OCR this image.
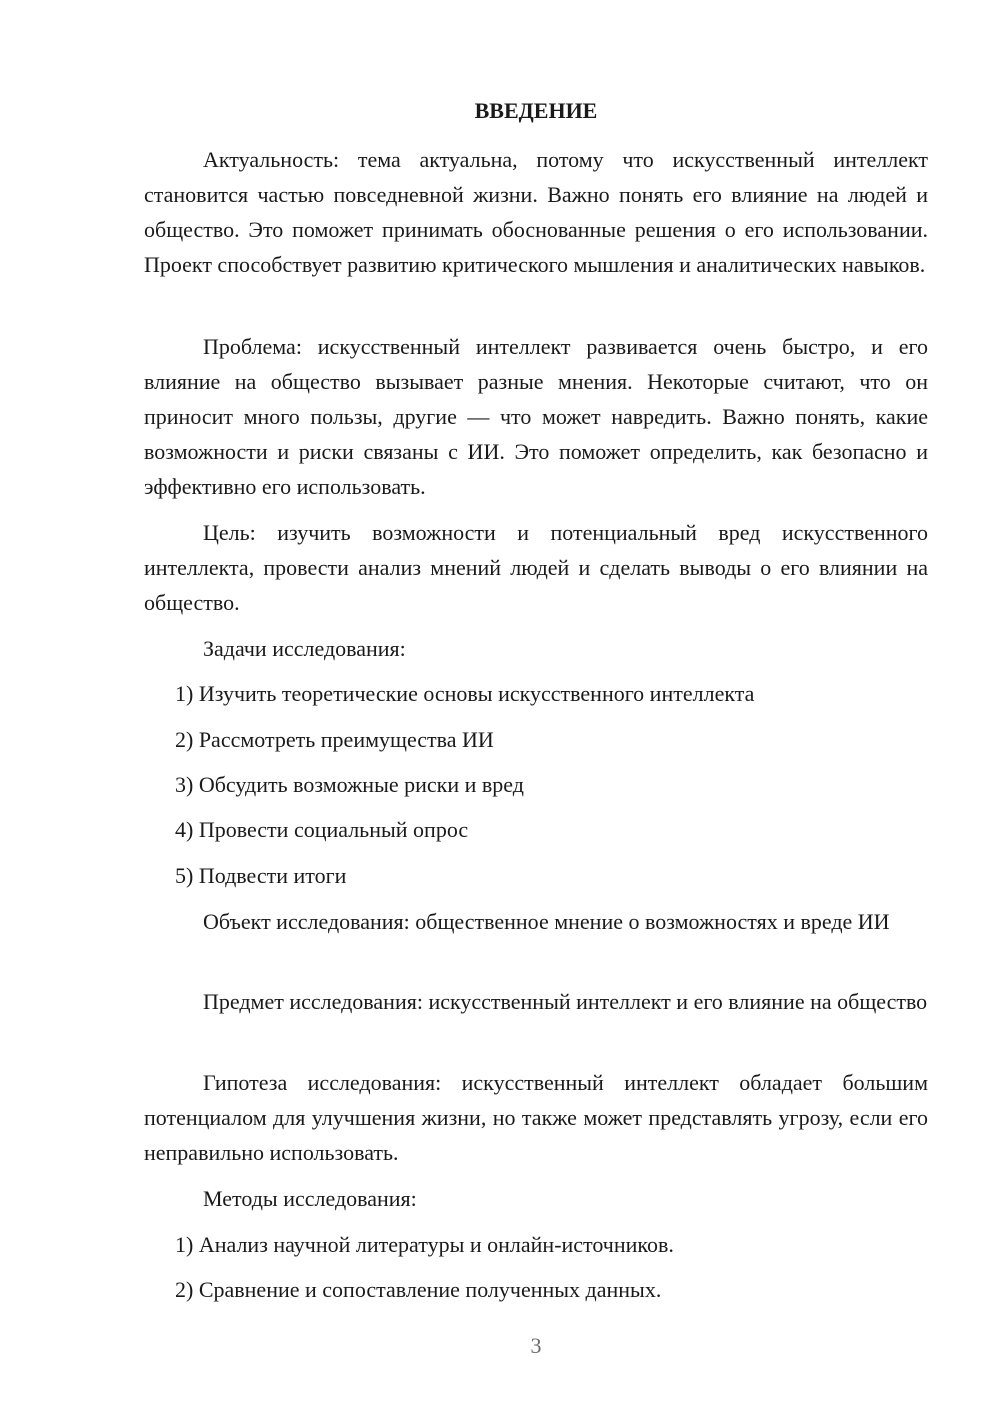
ВВЕДЕНИЕ
Актуальность: тема актуальна, потому что искусственный интеллект становится частью повседневной жизни. Важно понять его влияние на людей и общество. Это поможет принимать обоснованные решения о его использовании. Проект способствует развитию критического мышления и аналитических навыков.
Проблема: искусственный интеллект развивается очень быстро, и его влияние на общество вызывает разные мнения. Некоторые считают, что он приносит много пользы, другие — что может навредить. Важно понять, какие возможности и риски связаны с ИИ. Это поможет определить, как безопасно и эффективно его использовать.
Цель: изучить возможности и потенциальный вред искусственного интеллекта, провести анализ мнений людей и сделать выводы о его влиянии на общество.
Задачи исследования:
1) Изучить теоретические основы искусственного интеллекта
2) Рассмотреть преимущества ИИ
3) Обсудить возможные риски и вред
4) Провести социальный опрос
5) Подвести итоги
Объект исследования: общественное мнение о возможностях и вреде ИИ
Предмет исследования: искусственный интеллект и его влияние на общество
Гипотеза исследования: искусственный интеллект обладает большим потенциалом для улучшения жизни, но также может представлять угрозу, если его неправильно использовать.
Методы исследования:
1) Анализ научной литературы и онлайн-источников.
2) Сравнение и сопоставление полученных данных.
3
